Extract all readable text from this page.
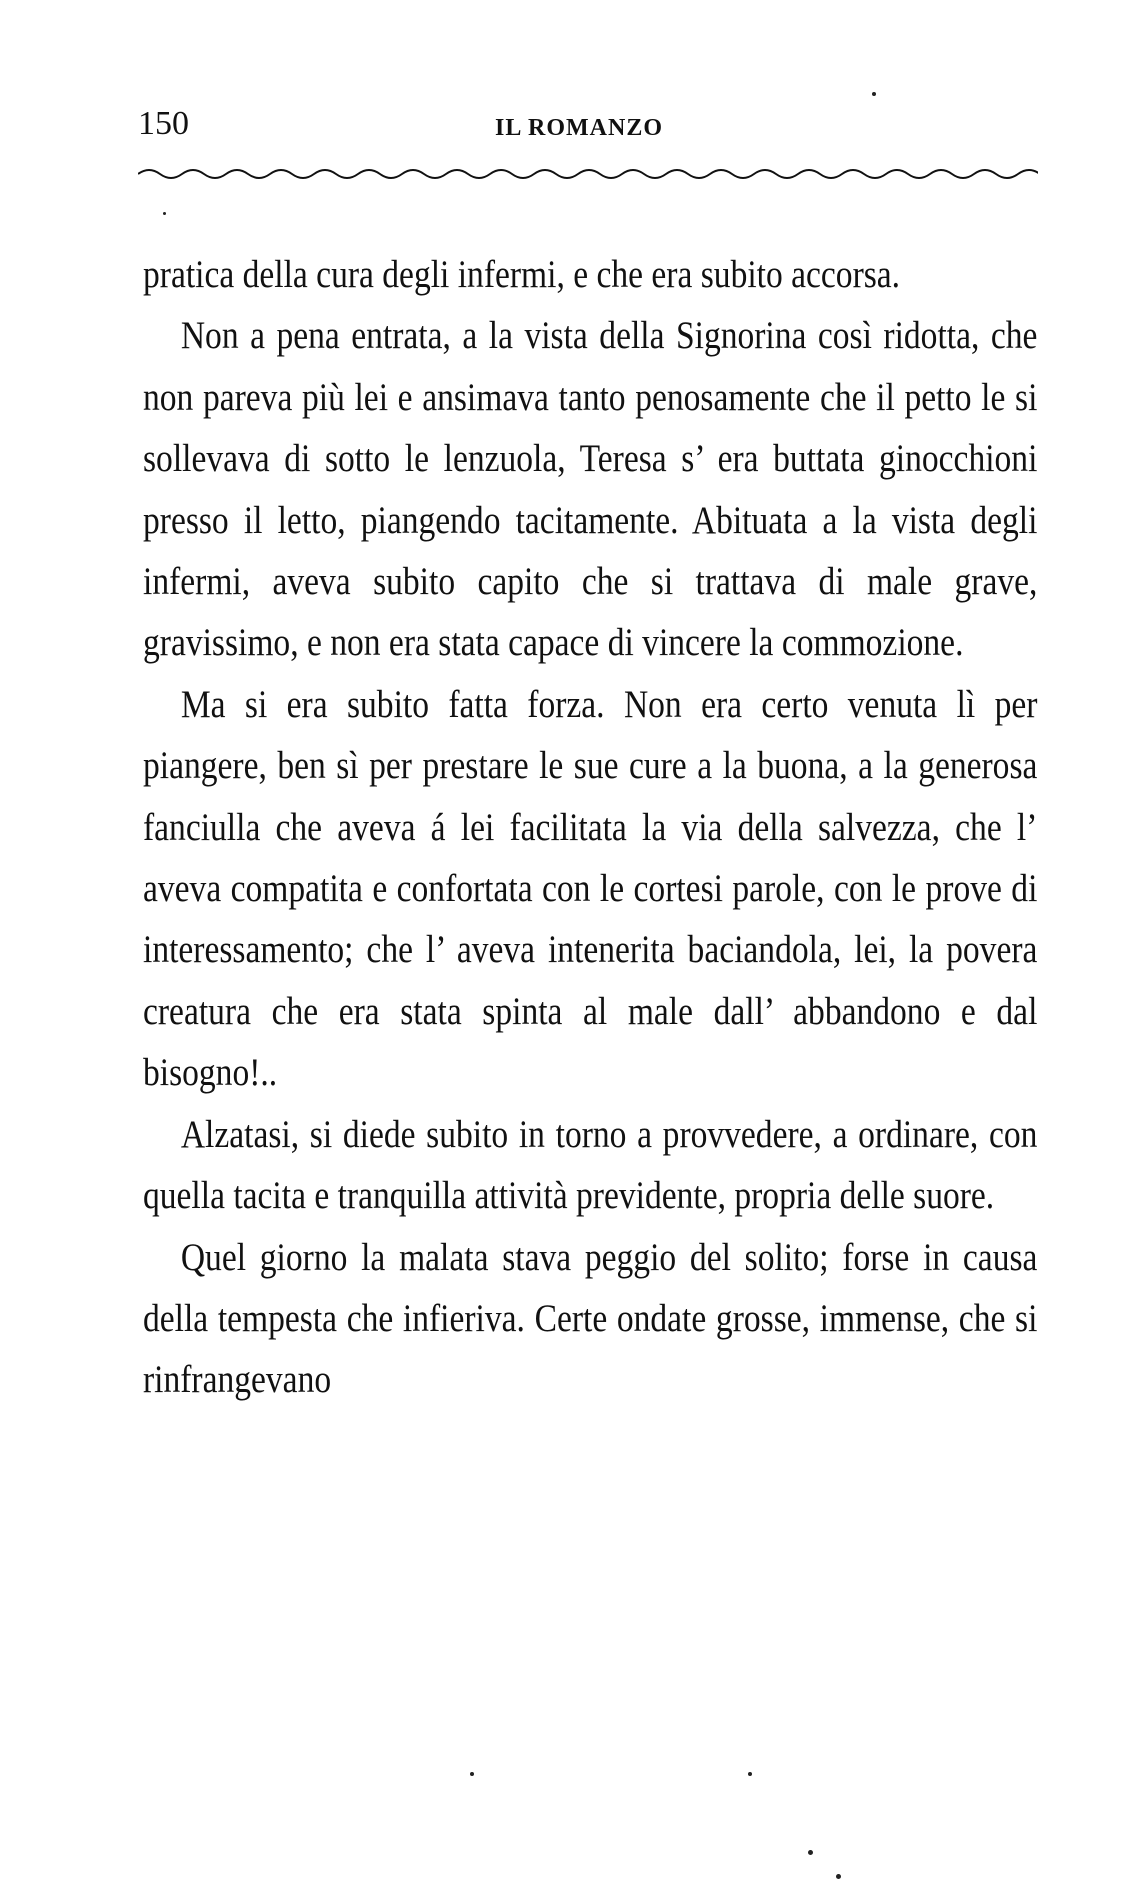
150	IL ROMANZO

pratica della cura degli infermi, e che era subito accorsa.

Non a pena entrata, a la vista della Signorina così ridotta, che non pareva più lei e ansimava tanto penosamente che il petto le si sollevava di sotto le lenzuola, Teresa s’ era buttata ginocchioni presso il letto, piangendo tacitamente. Abituata a la vista degli infermi, aveva subito capito che si trattava di male grave, gravissimo, e non era stata capace di vincere la commozione.

Ma si era subito fatta forza. Non era certo venuta lì per piangere, ben sì per prestare le sue cure a la buona, a la generosa fanciulla che aveva á lei facilitata la via della salvezza, che l’ aveva compatita e confortata con le cortesi parole, con le prove di interessamento; che l’ aveva intenerita baciandola, lei, la povera creatura che era stata spinta al male dall’ abbandono e dal bisogno!..

Alzatasi, si diede subito in torno a provvedere, a ordinare, con quella tacita e tranquilla attività previdente, propria delle suore.

Quel giorno la malata stava peggio del solito; forse in causa della tempesta che infieriva. Certe ondate grosse, immense, che si rinfrangevano
